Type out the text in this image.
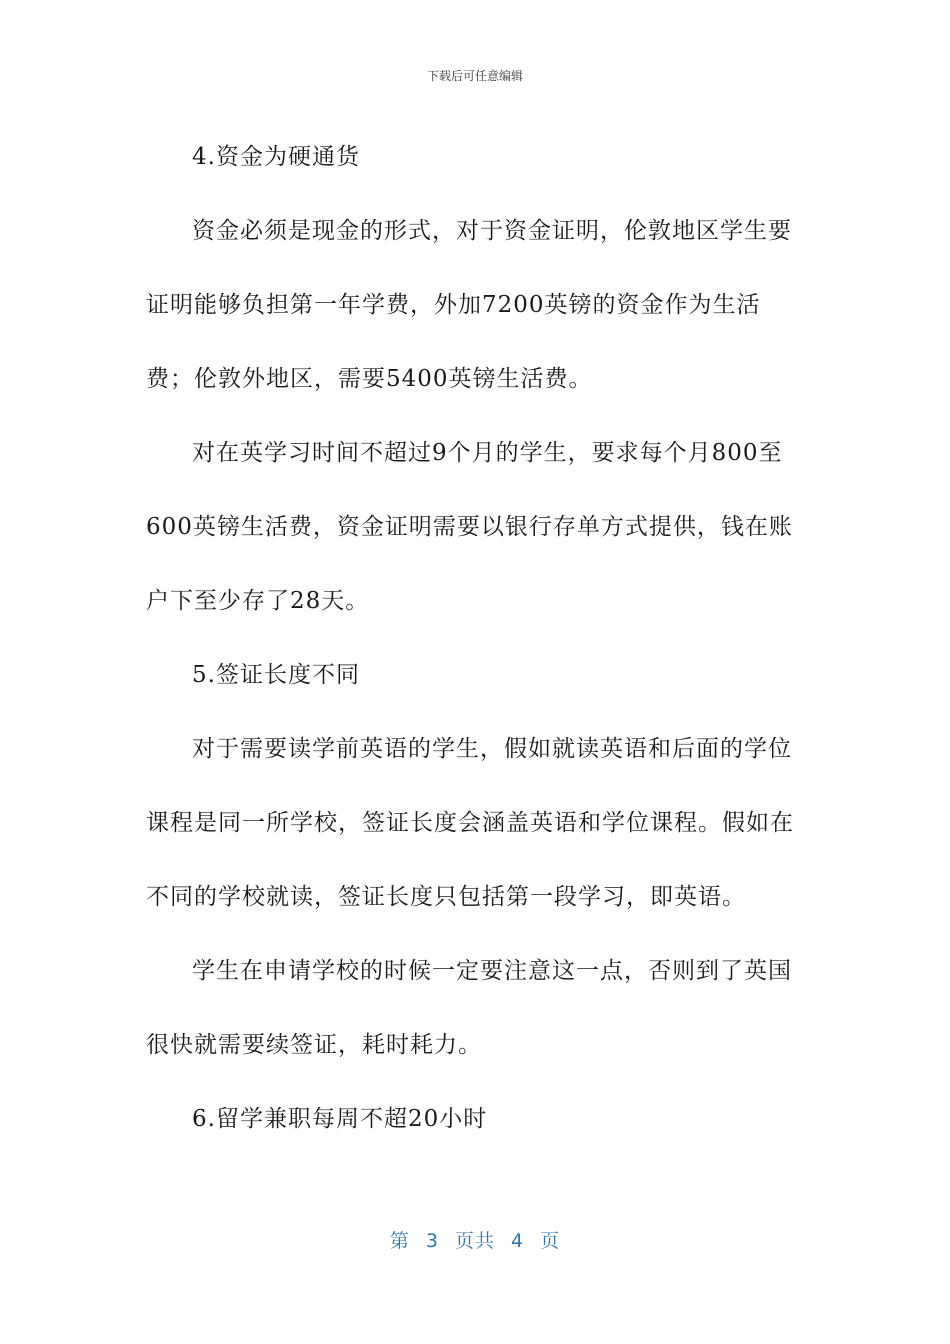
下载后可任意编辑

4.资金为硬通货

资金必须是现金的形式，对于资金证明，伦敦地区学生要证明能够负担第一年学费，外加7200英镑的资金作为生活费；伦敦外地区，需要5400英镑生活费。

对在英学习时间不超过9个月的学生，要求每个月800至600英镑生活费，资金证明需要以银行存单方式提供，钱在账户下至少存了28天。

5.签证长度不同

对于需要读学前英语的学生，假如就读英语和后面的学位课程是同一所学校，签证长度会涵盖英语和学位课程。假如在不同的学校就读，签证长度只包括第一段学习，即英语。

学生在申请学校的时候一定要注意这一点，否则到了英国很快就需要续签证，耗时耗力。

6.留学兼职每周不超20小时

第 3 页共 4 页
